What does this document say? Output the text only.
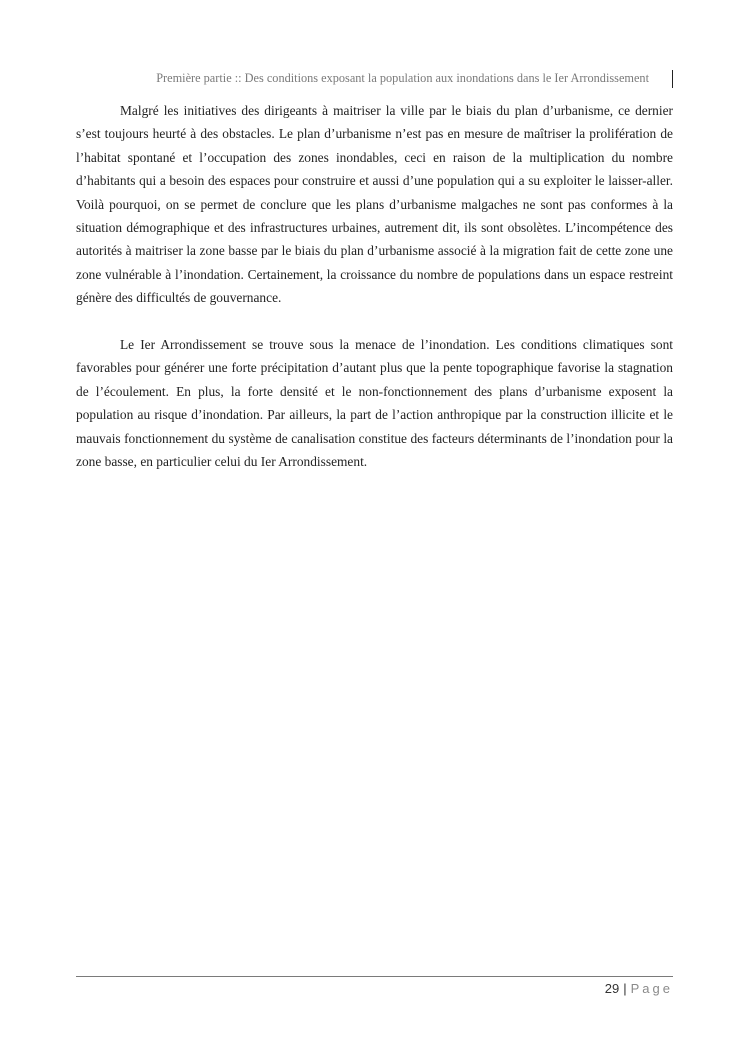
Première partie :: Des conditions exposant la population aux inondations dans le Ier Arrondissement

Malgré les initiatives des dirigeants à maitriser la ville par le biais du plan d’urbanisme, ce dernier s’est toujours heurté à des obstacles. Le plan d’urbanisme n’est pas en mesure de maîtriser la prolifération de l’habitat spontané et l’occupation des zones inondables, ceci en raison de la multiplication du nombre d’habitants qui a besoin des espaces pour construire et aussi d’une population qui a su exploiter le laisser-aller. Voilà pourquoi, on se permet de conclure que les plans d’urbanisme malgaches ne sont pas conformes à la situation démographique et des infrastructures urbaines, autrement dit, ils sont obsolètes. L’incompétence des autorités à maitriser la zone basse par le biais du plan d’urbanisme associé à la migration fait de cette zone une zone vulnérable à l’inondation. Certainement, la croissance du nombre de populations dans un espace restreint génère des difficultés de gouvernance.

Le Ier Arrondissement se trouve sous la menace de l’inondation. Les conditions climatiques sont favorables pour générer une forte précipitation d’autant plus que la pente topographique favorise la stagnation de l’écoulement. En plus, la forte densité et le non-fonctionnement des plans d’urbanisme exposent la population au risque d’inondation. Par ailleurs, la part de l’action anthropique par la construction illicite et le mauvais fonctionnement du système de canalisation constitue des facteurs déterminants de l’inondation pour la zone basse, en particulier celui du Ier Arrondissement.

29 | Page
